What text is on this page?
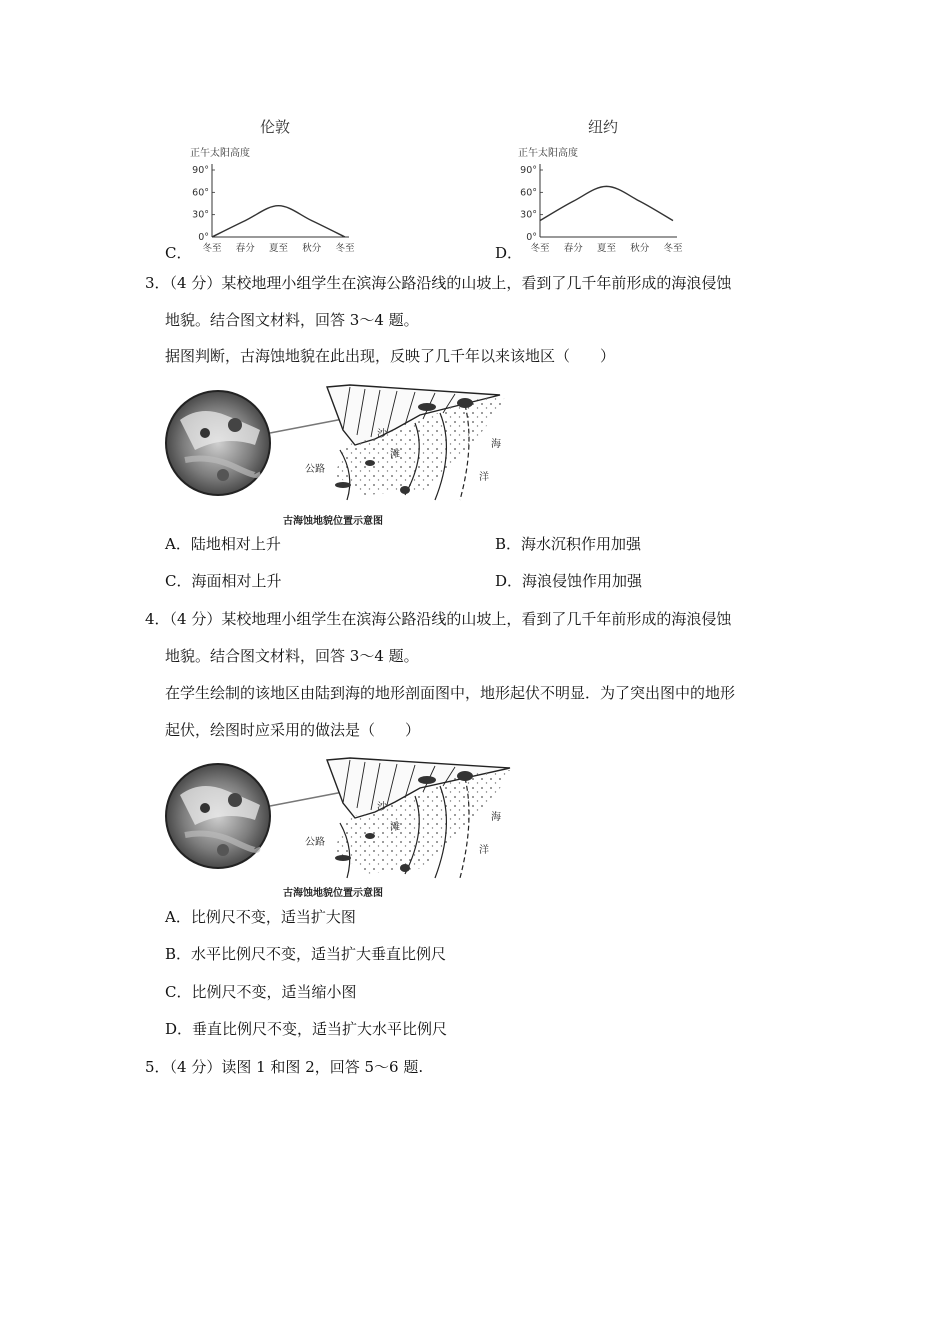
C．	D．
伦敦
正午太阳高度
90°
60°
30°
0°
冬至 春分 夏至 秋分 冬至
纽约
正午太阳高度
90°
60°
30°
0°
冬至 春分 夏至 秋分 冬至
3．（4 分）某校地理小组学生在滨海公路沿线的山坡上，看到了几千年前形成的海浪侵蚀
地貌。结合图文材料，回答 3～4 题。
据图判断，古海蚀地貌在此出现，反映了几千年以来该地区（　　）
公路
沙
滩
海
洋
古海蚀地貌位置示意图
A．陆地相对上升	B．海水沉积作用加强
C．海面相对上升	D．海浪侵蚀作用加强
4．（4 分）某校地理小组学生在滨海公路沿线的山坡上，看到了几千年前形成的海浪侵蚀
地貌。结合图文材料，回答 3～4 题。
在学生绘制的该地区由陆到海的地形剖面图中，地形起伏不明显．为了突出图中的地形
起伏，绘图时应采用的做法是（　　）
公路
沙
滩
海
洋
古海蚀地貌位置示意图
A．比例尺不变，适当扩大图
B．水平比例尺不变，适当扩大垂直比例尺
C．比例尺不变，适当缩小图
D．垂直比例尺不变，适当扩大水平比例尺
5．（4 分）读图 1 和图 2，回答 5～6 题.
